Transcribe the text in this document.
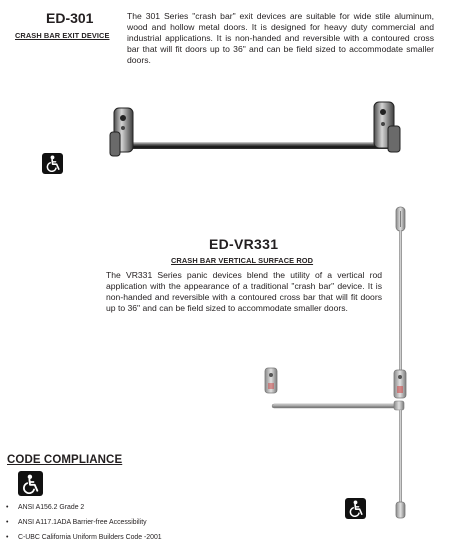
ED-301
CRASH BAR EXIT DEVICE
The 301 Series "crash bar" exit devices are suitable for wide stile aluminum, wood and hollow metal doors. It is designed for heavy duty commercial and industrial applications. It is non-handed and reversible with a contoured cross bar that will fit doors up to 36" and can be field sized to accommodate smaller doors.
ED-VR331
CRASH BAR VERTICAL SURFACE ROD
The VR331 Series panic devices blend the utility of a vertical rod application with the appearance of a traditional "crash bar" device. It is non-handed and reversible with a contoured cross bar that will fit doors up to 36" and can be field sized to accommodate smaller doors.
CODE COMPLIANCE
• ANSI A156.2 Grade 2
• ANSI A117.1ADA Barrier-free Accessibility
• C-UBC California Uniform Builders Code -2001
